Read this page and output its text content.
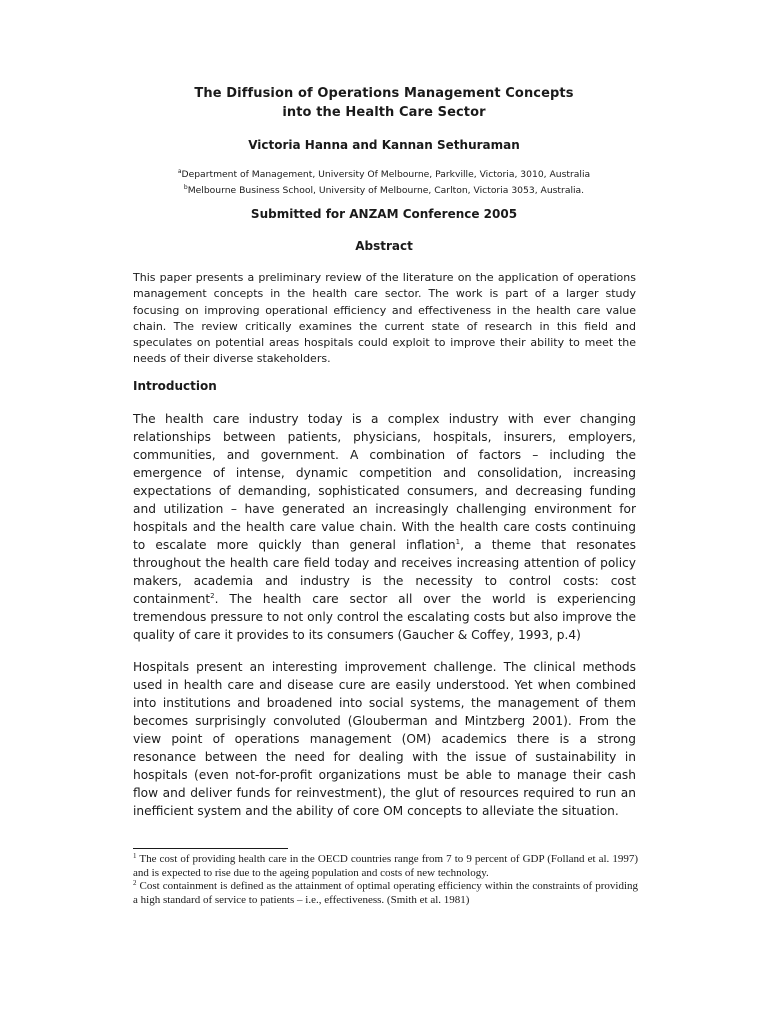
The Diffusion of Operations Management Concepts
into the Health Care Sector
Victoria Hanna and Kannan Sethuraman
$^a$Department of Management, University Of Melbourne, Parkville, Victoria, 3010, Australia
$^b$Melbourne Business School, University of Melbourne, Carlton, Victoria 3053, Australia.
Submitted for ANZAM Conference 2005
Abstract
This paper presents a preliminary review of the literature on the application of operations management concepts in the health care sector. The work is part of a larger study focusing on improving operational efficiency and effectiveness in the health care value chain. The review critically examines the current state of research in this field and speculates on potential areas hospitals could exploit to improve their ability to meet the needs of their diverse stakeholders.
Introduction
The health care industry today is a complex industry with ever changing relationships between patients, physicians, hospitals, insurers, employers, communities, and government. A combination of factors – including the emergence of intense, dynamic competition and consolidation, increasing expectations of demanding, sophisticated consumers, and decreasing funding and utilization – have generated an increasingly challenging environment for hospitals and the health care value chain. With the health care costs continuing to escalate more quickly than general inflation$^1$, a theme that resonates throughout the health care field today and receives increasing attention of policy makers, academia and industry is the necessity to control costs: cost containment$^2$. The health care sector all over the world is experiencing tremendous pressure to not only control the escalating costs but also improve the quality of care it provides to its consumers (Gaucher & Coffey, 1993, p.4)
Hospitals present an interesting improvement challenge. The clinical methods used in health care and disease cure are easily understood. Yet when combined into institutions and broadened into social systems, the management of them becomes surprisingly convoluted (Glouberman and Mintzberg 2001). From the view point of operations management (OM) academics there is a strong resonance between the need for dealing with the issue of sustainability in hospitals (even not-for-profit organizations must be able to manage their cash flow and deliver funds for reinvestment), the glut of resources required to run an inefficient system and the ability of core OM concepts to alleviate the situation.

$^1$ The cost of providing health care in the OECD countries range from 7 to 9 percent of GDP (Folland et al. 1997) and is expected to rise due to the ageing population and costs of new technology.

$^2$ Cost containment is defined as the attainment of optimal operating efficiency within the constraints of providing a high standard of service to patients – i.e., effectiveness. (Smith et al. 1981)
